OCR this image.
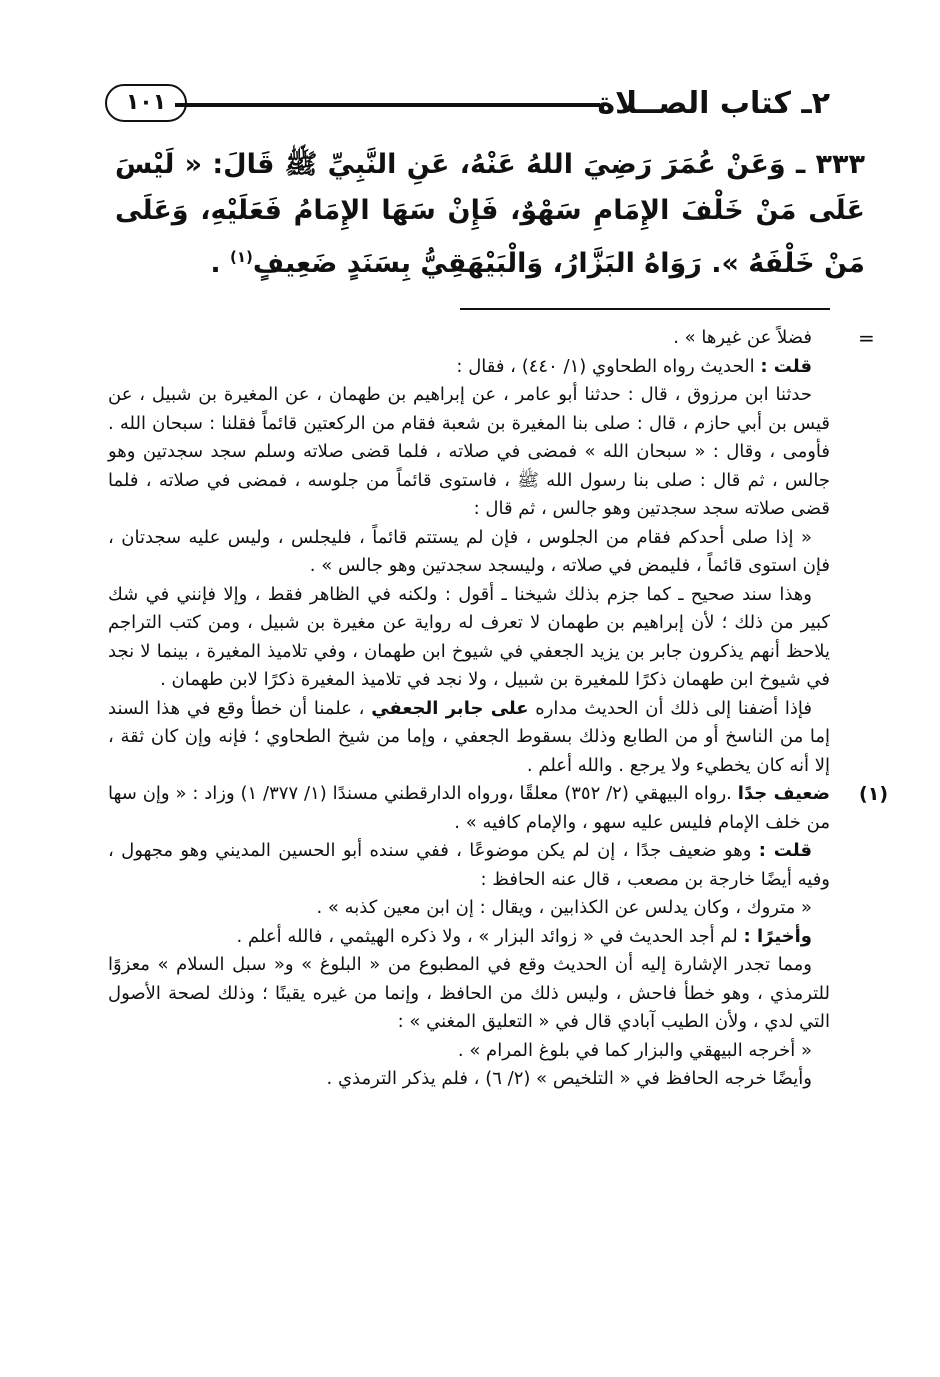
٢ـ كتاب الصــلاة
١٠١
٣٣٣ ـ وَعَنْ عُمَرَ رَضِيَ اللهُ عَنْهُ، عَنِ النَّبِيِّ ﷺ قَالَ: « لَيْسَ عَلَى مَنْ خَلْفَ الإِمَامِ سَهْوٌ، فَإِنْ سَهَا الإِمَامُ فَعَلَيْهِ، وَعَلَى مَنْ خَلْفَهُ ». رَوَاهُ البَزَّارُ، وَالْبَيْهَقِيُّ بِسَنَدٍ ضَعِيفٍ$^{(١)}$ .
=

فضلاً عن غيرها » .

قلت : الحديث رواه الطحاوي (١/ ٤٤٠) ، فقال :

حدثنا ابن مرزوق ، قال : حدثنا أبو عامر ، عن إبراهيم بن طهمان ، عن المغيرة بن شبيل ، عن قيس بن أبي حازم ، قال : صلى بنا المغيرة بن شعبة فقام من الركعتين قائماً فقلنا : سبحان الله . فأومى ، وقال : « سبحان الله » فمضى في صلاته ، فلما قضى صلاته وسلم سجد سجدتين وهو جالس ، ثم قال : صلى بنا رسول الله ﷺ ، فاستوى قائماً من جلوسه ، فمضى في صلاته ، فلما قضى صلاته سجد سجدتين وهو جالس ، ثم قال :

« إذا صلى أحدكم فقام من الجلوس ، فإن لم يستتم قائماً ، فليجلس ، وليس عليه سجدتان ، فإن استوى قائماً ، فليمض في صلاته ، وليسجد سجدتين وهو جالس » .

وهذا سند صحيح ـ كما جزم بذلك شيخنا ـ أقول : ولكنه في الظاهر فقط ، وإلا فإنني في شك كبير من ذلك ؛ لأن إبراهيم بن طهمان لا تعرف له رواية عن مغيرة بن شبيل ، ومن كتب التراجم يلاحظ أنهم يذكرون جابر بن يزيد الجعفي في شيوخ ابن طهمان ، وفي تلاميذ المغيرة ، بينما لا نجد في شيوخ ابن طهمان ذكرًا للمغيرة بن شبيل ، ولا نجد في تلاميذ المغيرة ذكرًا لابن طهمان .

فإذا أضفنا إلى ذلك أن الحديث مداره على جابر الجعفي ، علمنا أن خطأ وقع في هذا السند إما من الناسخ أو من الطابع وذلك بسقوط الجعفي ، وإما من شيخ الطحاوي ؛ فإنه وإن كان ثقة ، إلا أنه كان يخطيء ولا يرجع . والله أعلم .

(١)
ضعيف جدًا .رواه البيهقي (٢/ ٣٥٢) معلقًا ،ورواه الدارقطني مسندًا (١/ ٣٧٧/ ١) وزاد : « وإن سها من خلف الإمام فليس عليه سهو ، والإمام كافيه » .

قلت : وهو ضعيف جدًا ، إن لم يكن موضوعًا ، ففي سنده أبو الحسين المديني وهو مجهول ، وفيه أيضًا خارجة بن مصعب ، قال عنه الحافظ :

« متروك ، وكان يدلس عن الكذابين ، ويقال : إن ابن معين كذبه » .

وأخيرًا : لم أجد الحديث في « زوائد البزار » ، ولا ذكره الهيثمي ، فالله أعلم .

ومما تجدر الإشارة إليه أن الحديث وقع في المطبوع من « البلوغ » و« سبل السلام » معزوًا للترمذي ، وهو خطأ فاحش ، وليس ذلك من الحافظ ، وإنما من غيره يقينًا ؛ وذلك لصحة الأصول التي لدي ، ولأن الطيب آبادي قال في « التعليق المغني » :

« أخرجه البيهقي والبزار كما في بلوغ المرام » .

وأيضًا خرجه الحافظ في « التلخيص » (٢/ ٦) ، فلم يذكر الترمذي .
